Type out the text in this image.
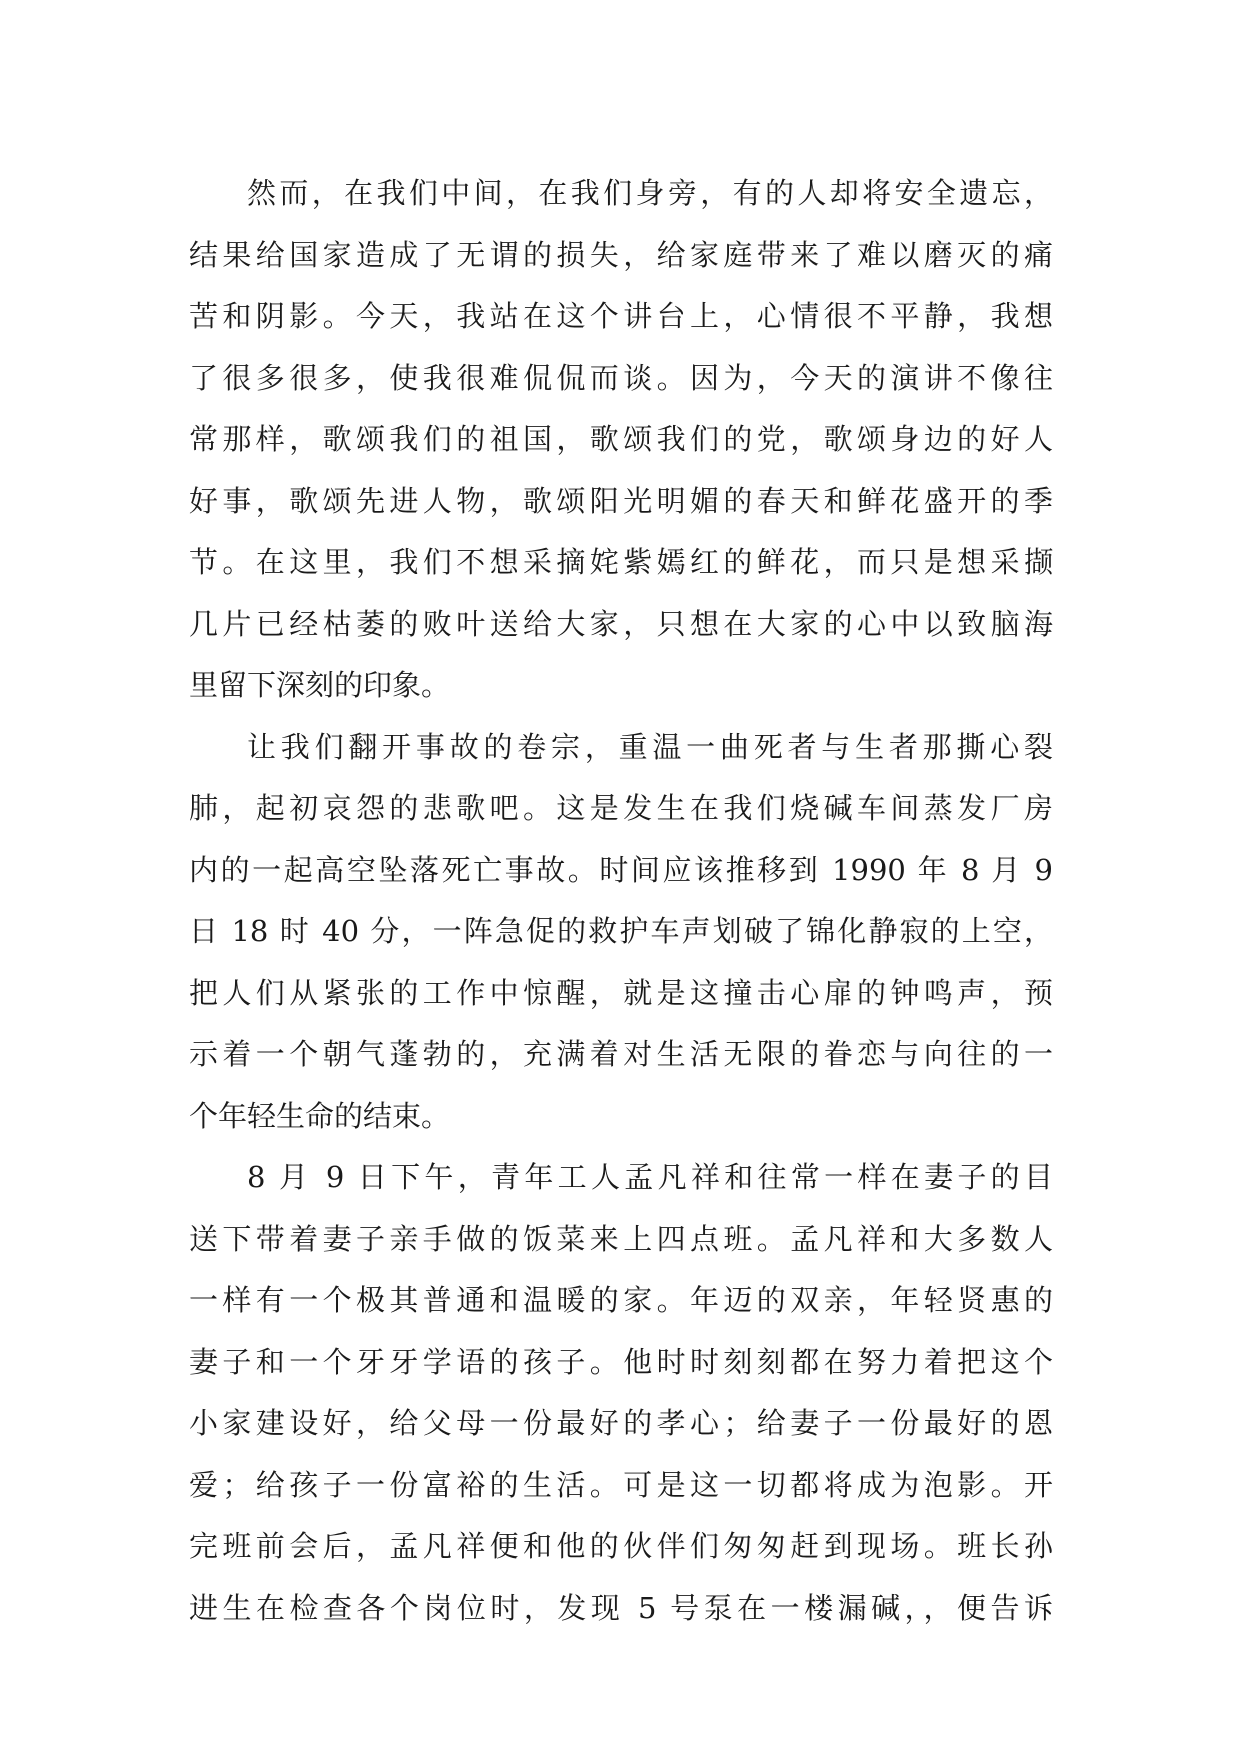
然而，在我们中间，在我们身旁，有的人却将安全遗忘，
结果给国家造成了无谓的损失，给家庭带来了难以磨灭的痛
苦和阴影。今天，我站在这个讲台上，心情很不平静，我想
了很多很多，使我很难侃侃而谈。因为，今天的演讲不像往
常那样，歌颂我们的祖国，歌颂我们的党，歌颂身边的好人
好事，歌颂先进人物，歌颂阳光明媚的春天和鲜花盛开的季
节。在这里，我们不想采摘姹紫嫣红的鲜花，而只是想采撷
几片已经枯萎的败叶送给大家，只想在大家的心中以致脑海
里留下深刻的印象。
让我们翻开事故的卷宗，重温一曲死者与生者那撕心裂
肺，起初哀怨的悲歌吧。这是发生在我们烧碱车间蒸发厂房
内的一起高空坠落死亡事故。时间应该推移到 1990 年 8 月 9
日 18 时 40 分，一阵急促的救护车声划破了锦化静寂的上空，
把人们从紧张的工作中惊醒，就是这撞击心扉的钟鸣声，预
示着一个朝气蓬勃的，充满着对生活无限的眷恋与向往的一
个年轻生命的结束。
8 月 9 日下午，青年工人孟凡祥和往常一样在妻子的目
送下带着妻子亲手做的饭菜来上四点班。孟凡祥和大多数人
一样有一个极其普通和温暖的家。年迈的双亲，年轻贤惠的
妻子和一个牙牙学语的孩子。他时时刻刻都在努力着把这个
小家建设好，给父母一份最好的孝心；给妻子一份最好的恩
爱；给孩子一份富裕的生活。可是这一切都将成为泡影。开
完班前会后，孟凡祥便和他的伙伴们匆匆赶到现场。班长孙
进生在检查各个岗位时，发现 5 号泵在一楼漏碱，，便告诉
